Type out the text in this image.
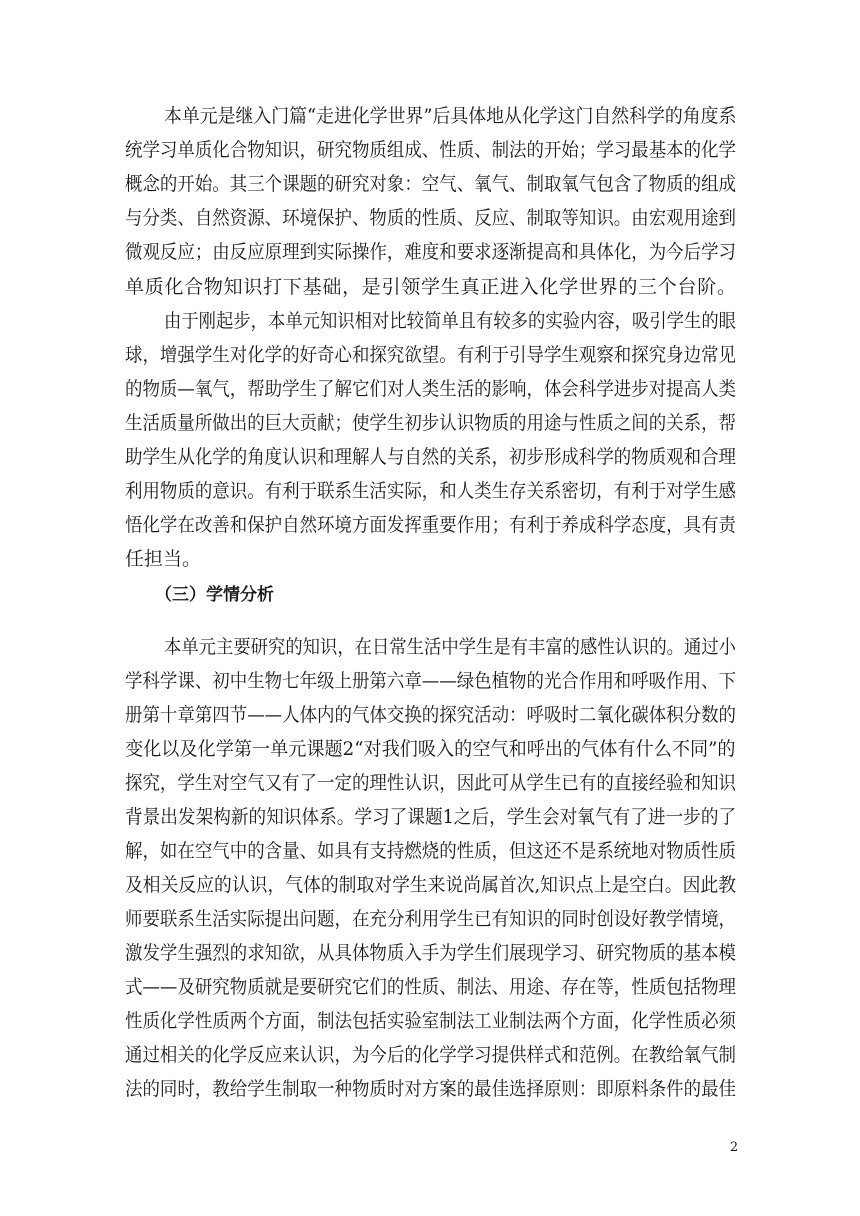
本单元是继入门篇“走进化学世界”后具体地从化学这门自然科学的角度系
统学习单质化合物知识，研究物质组成、性质、制法的开始；学习最基本的化学
概念的开始。其三个课题的研究对象：空气、氧气、制取氧气包含了物质的组成
与分类、自然资源、环境保护、物质的性质、反应、制取等知识。由宏观用途到
微观反应；由反应原理到实际操作，难度和要求逐渐提高和具体化，为今后学习
单质化合物知识打下基础，是引领学生真正进入化学世界的三个台阶。
由于刚起步，本单元知识相对比较简单且有较多的实验内容，吸引学生的眼
球，增强学生对化学的好奇心和探究欲望。有利于引导学生观察和探究身边常见
的物质—氧气，帮助学生了解它们对人类生活的影响，体会科学进步对提高人类
生活质量所做出的巨大贡献；使学生初步认识物质的用途与性质之间的关系，帮
助学生从化学的角度认识和理解人与自然的关系，初步形成科学的物质观和合理
利用物质的意识。有利于联系生活实际，和人类生存关系密切，有利于对学生感
悟化学在改善和保护自然环境方面发挥重要作用；有利于养成科学态度，具有责
任担当。
（三）学情分析
本单元主要研究的知识，在日常生活中学生是有丰富的感性认识的。通过小
学科学课、初中生物七年级上册第六章——绿色植物的光合作用和呼吸作用、下
册第十章第四节——人体内的气体交换的探究活动：呼吸时二氧化碳体积分数的
变化以及化学第一单元课题2“对我们吸入的空气和呼出的气体有什么不同”的
探究，学生对空气又有了一定的理性认识，因此可从学生已有的直接经验和知识
背景出发架构新的知识体系。学习了课题1之后，学生会对氧气有了进一步的了
解，如在空气中的含量、如具有支持燃烧的性质，但这还不是系统地对物质性质
及相关反应的认识，气体的制取对学生来说尚属首次,知识点上是空白。因此教
师要联系生活实际提出问题，在充分利用学生已有知识的同时创设好教学情境，
激发学生强烈的求知欲，从具体物质入手为学生们展现学习、研究物质的基本模
式——及研究物质就是要研究它们的性质、制法、用途、存在等，性质包括物理
性质化学性质两个方面，制法包括实验室制法工业制法两个方面，化学性质必须
通过相关的化学反应来认识，为今后的化学学习提供样式和范例。在教给氧气制
法的同时，教给学生制取一种物质时对方案的最佳选择原则：即原料条件的最佳
2
